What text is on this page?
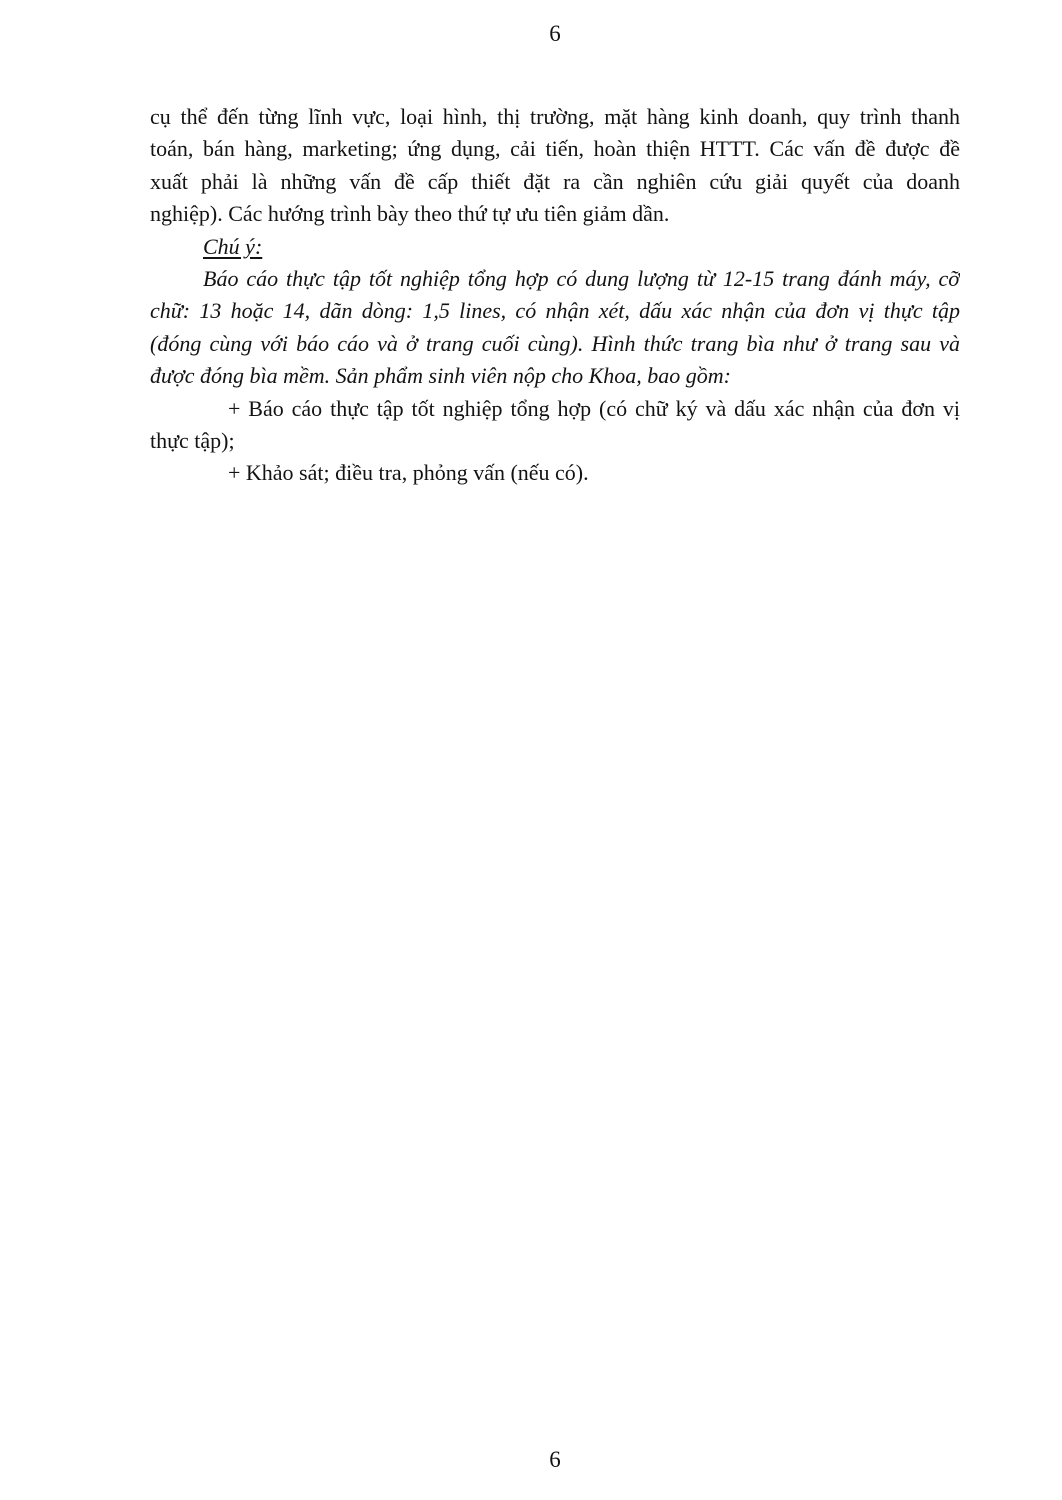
6
cụ thể đến từng lĩnh vực, loại hình, thị trường, mặt hàng kinh doanh, quy trình thanh
toán, bán hàng, marketing; ứng dụng, cải tiến, hoàn thiện HTTT. Các vấn đề được đề
xuất phải là những vấn đề cấp thiết đặt ra cần nghiên cứu giải quyết của doanh
nghiệp). Các hướng trình bày theo thứ tự ưu tiên giảm dần.
Chú ý:
Báo cáo thực tập tốt nghiệp tổng hợp có dung lượng từ 12-15 trang đánh máy, cỡ
chữ: 13 hoặc 14, dãn dòng: 1,5 lines, có nhận xét, dấu xác nhận của đơn vị thực tập
(đóng cùng với báo cáo và ở trang cuối cùng). Hình thức trang bìa như ở trang sau và
được đóng bìa mềm. Sản phẩm sinh viên nộp cho Khoa, bao gồm:
+ Báo cáo thực tập tốt nghiệp tổng hợp (có chữ ký và dấu xác nhận của đơn vị
thực tập);
+ Khảo sát; điều tra, phỏng vấn (nếu có).
6
